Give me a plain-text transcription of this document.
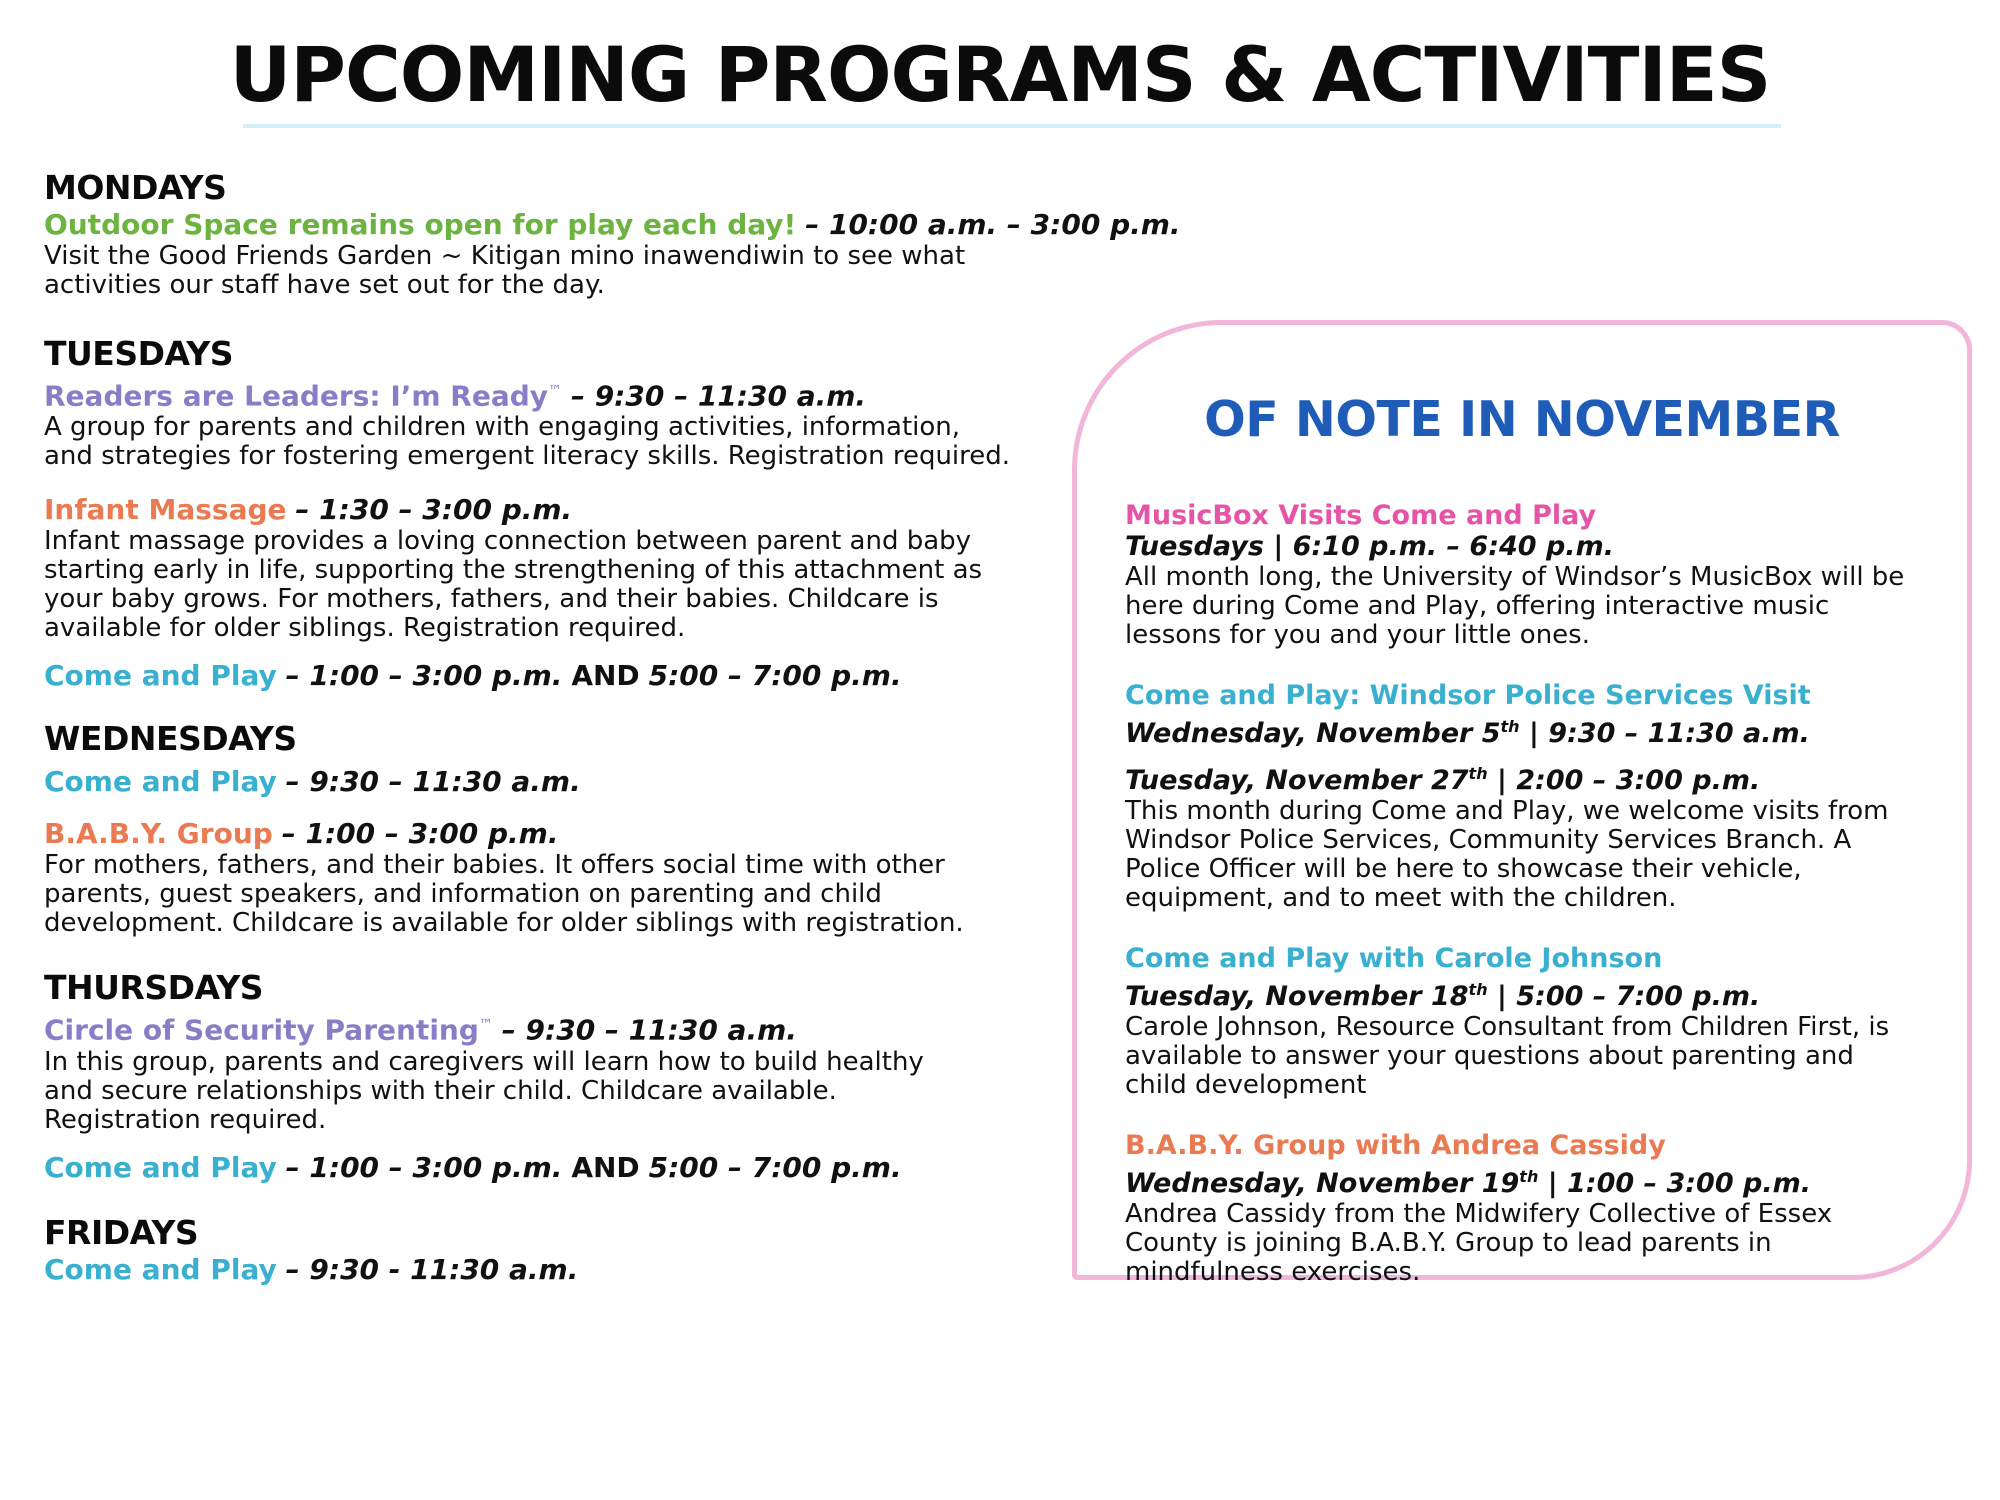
UPCOMING PROGRAMS & ACTIVITIES

MONDAYS

Outdoor Space remains open for play each day! – 10:00 a.m. – 3:00 p.m.

Visit the Good Friends Garden ~ Kitigan mino inawendiwin to see what

activities our staff have set out for the day.

TUESDAYS

Readers are Leaders: I’m Ready™ – 9:30 – 11:30 a.m.

A group for parents and children with engaging activities, information,

and strategies for fostering emergent literacy skills. Registration required.

Infant Massage – 1:30 – 3:00 p.m.

Infant massage provides a loving connection between parent and baby

starting early in life, supporting the strengthening of this attachment as

your baby grows. For mothers, fathers, and their babies. Childcare is

available for older siblings. Registration required.

Come and Play – 1:00 – 3:00 p.m. AND 5:00 – 7:00 p.m.

WEDNESDAYS

Come and Play – 9:30 – 11:30 a.m.

B.A.B.Y. Group – 1:00 – 3:00 p.m.

For mothers, fathers, and their babies. It offers social time with other

parents, guest speakers, and information on parenting and child

development. Childcare is available for older siblings with registration.

THURSDAYS

Circle of Security Parenting™ – 9:30 – 11:30 a.m.

In this group, parents and caregivers will learn how to build healthy

and secure relationships with their child. Childcare available.

Registration required.

Come and Play – 1:00 – 3:00 p.m. AND 5:00 – 7:00 p.m.

FRIDAYS

Come and Play – 9:30 - 11:30 a.m.

OF NOTE IN NOVEMBER

MusicBox Visits Come and Play

Tuesdays | 6:10 p.m. – 6:40 p.m.

All month long, the University of Windsor’s MusicBox will be

here during Come and Play, offering interactive music

lessons for you and your little ones.

Come and Play: Windsor Police Services Visit

Wednesday, November 5th | 9:30 – 11:30 a.m.

Tuesday, November 27th | 2:00 – 3:00 p.m.

This month during Come and Play, we welcome visits from

Windsor Police Services, Community Services Branch. A

Police Officer will be here to showcase their vehicle,

equipment, and to meet with the children.

Come and Play with Carole Johnson

Tuesday, November 18th | 5:00 – 7:00 p.m.

Carole Johnson, Resource Consultant from Children First, is

available to answer your questions about parenting and

child development

B.A.B.Y. Group with Andrea Cassidy

Wednesday, November 19th | 1:00 – 3:00 p.m.

Andrea Cassidy from the Midwifery Collective of Essex

County is joining B.A.B.Y. Group to lead parents in

mindfulness exercises.
